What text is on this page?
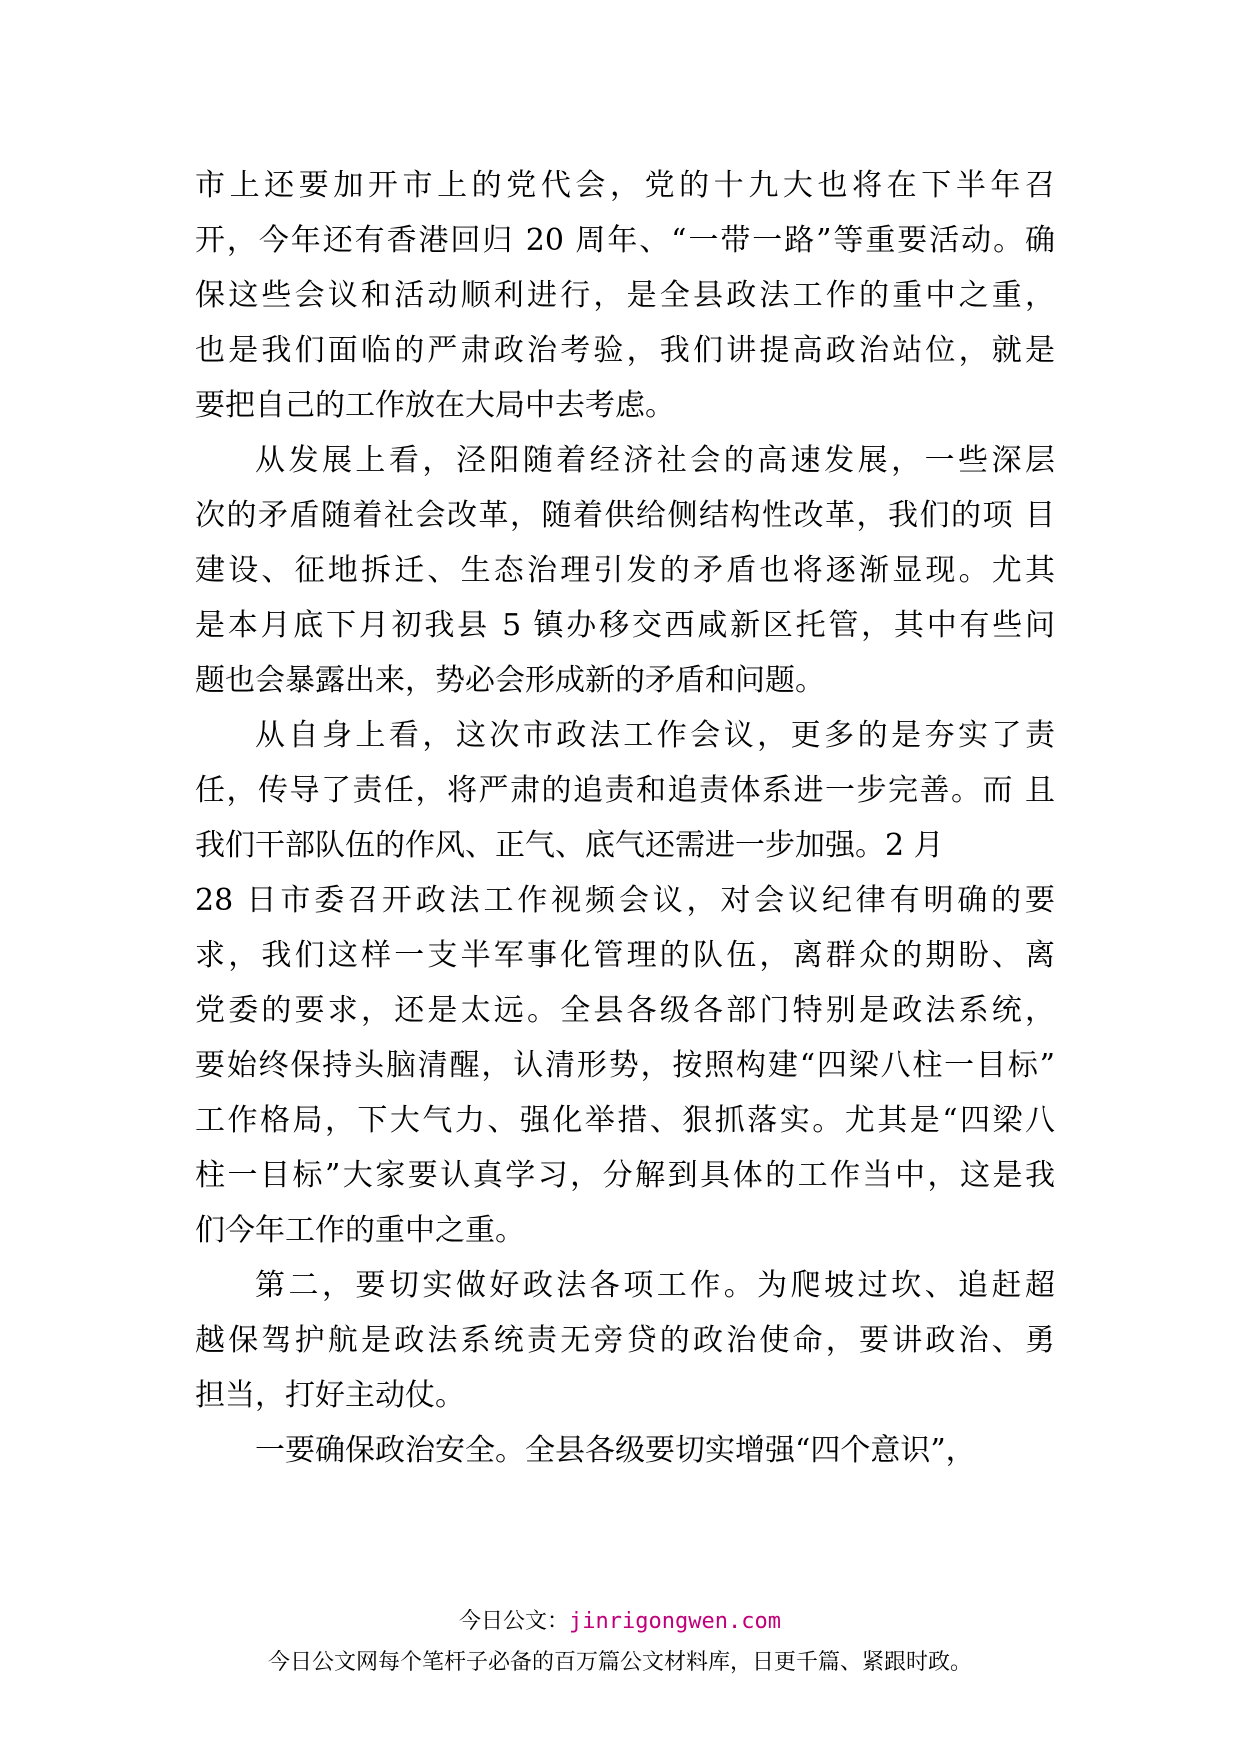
市上还要加开市上的党代会，党的十九大也将在下半年召
开，今年还有香港回归 20 周年、“一带一路”等重要活动。确
保这些会议和活动顺利进行，是全县政法工作的重中之重，
也是我们面临的严肃政治考验，我们讲提高政治站位，就是
要把自己的工作放在大局中去考虑。
从发展上看，泾阳随着经济社会的高速发展，一些深层
次的矛盾随着社会改革，随着供给侧结构性改革，我们的项 目
建设、征地拆迁、生态治理引发的矛盾也将逐渐显现。尤其
是本月底下月初我县 5 镇办移交西咸新区托管，其中有些问
题也会暴露出来，势必会形成新的矛盾和问题。
从自身上看，这次市政法工作会议，更多的是夯实了责
任，传导了责任，将严肃的追责和追责体系进一步完善。而 且
我们干部队伍的作风、正气、底气还需进一步加强。2 月
28 日市委召开政法工作视频会议，对会议纪律有明确的要
求，我们这样一支半军事化管理的队伍，离群众的期盼、离
党委的要求，还是太远。全县各级各部门特别是政法系统，
要始终保持头脑清醒，认清形势，按照构建“四梁八柱一目标”
工作格局，下大气力、强化举措、狠抓落实。尤其是“四梁八
柱一目标”大家要认真学习，分解到具体的工作当中，这是我
们今年工作的重中之重。
第二，要切实做好政法各项工作。为爬坡过坎、追赶超
越保驾护航是政法系统责无旁贷的政治使命，要讲政治、勇
担当，打好主动仗。
一要确保政治安全。全县各级要切实增强“四个意识”，
今日公文：jinrigongwen.com
今日公文网每个笔杆子必备的百万篇公文材料库，日更千篇、紧跟时政。
